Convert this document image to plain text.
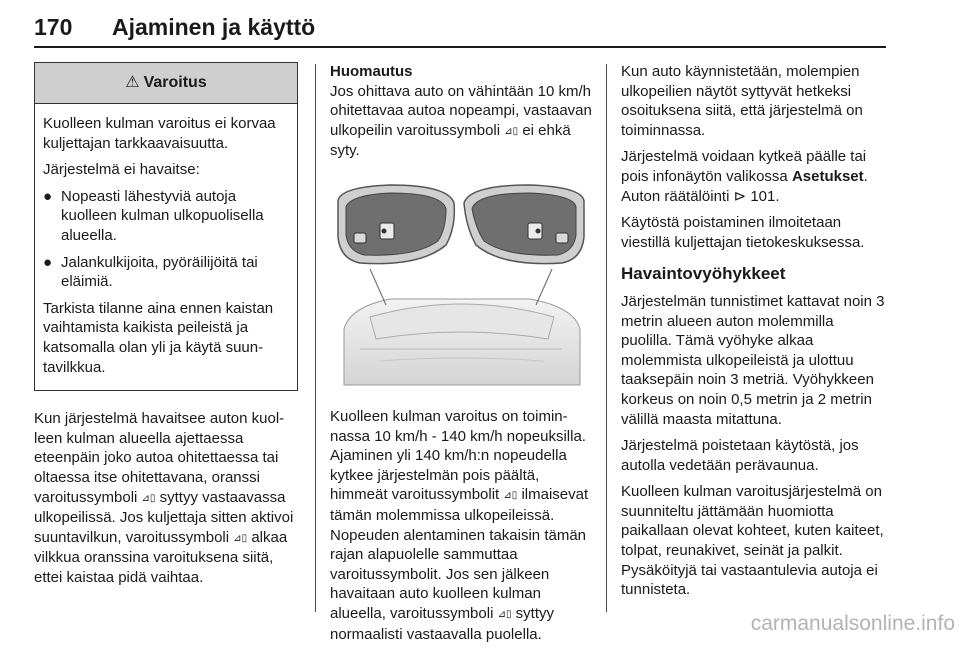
170 Ajaminen ja käyttö
⚠ Varoitus

Kuolleen kulman varoitus ei korvaa kuljettajan tarkkaavaisuutta.

Järjestelmä ei havaitse:

● Nopeasti lähestyviä autoja kuolleen kulman ulkopuolisella alueella.
● Jalankulkijoita, pyöräilijöitä tai eläimiä.

Tarkista tilanne aina ennen kaistan vaihtamista kaikista peileistä ja katsomalla olan yli ja käytä suuntavilkkua.

Kun järjestelmä havaitsee auton kuolleen kulman alueella ajettaessa eteenpäin joko autoa ohitettaessa tai oltaessa itse ohitettavana, oranssi varoitussymboli ⊿▯ syttyy vastaavassa ulkopeilissä. Jos kuljettaja sitten aktivoi suuntavilkun, varoitussymboli ⊿▯ alkaa vilkkua oranssina varoituksena siitä, ettei kaistaa pidä vaihtaa.

Huomautus

Jos ohittava auto on vähintään 10 km/h ohitettavaa autoa nopeampi, vastaavan ulkopeilin varoitussymboli ⊿▯ ei ehkä syty.

Kuolleen kulman varoitus on toiminnassa 10 km/h - 140 km/h nopeuksilla. Ajaminen yli 140 km/h:n nopeudella kytkee järjestelmän pois päältä, himmeät varoitussymbolit ⊿▯ ilmaisevat tämän molemmissa ulkopeileissä. Nopeuden alentaminen takaisin tämän rajan alapuolelle sammuttaa varoitussymbolit. Jos sen jälkeen havaitaan auto kuolleen kulman alueella, varoitussymboli ⊿▯ syttyy normaalisti vastaavalla puolella.

Kun auto käynnistetään, molempien ulkopeilien näytöt syttyvät hetkeksi osoituksena siitä, että järjestelmä on toiminnassa.

Järjestelmä voidaan kytkeä päälle tai pois infonäytön valikossa Asetukset. Auton räätälöinti ⊳ 101.

Käytöstä poistaminen ilmoitetaan viestillä kuljettajan tietokeskuksessa.

Havaintovyöhykkeet

Järjestelmän tunnistimet kattavat noin 3 metrin alueen auton molemmilla puolilla. Tämä vyöhyke alkaa molemmista ulkopeileistä ja ulottuu taaksepäin noin 3 metriä. Vyöhykkeen korkeus on noin 0,5 metrin ja 2 metrin välillä maasta mitattuna.

Järjestelmä poistetaan käytöstä, jos autolla vedetään perävaunua.

Kuolleen kulman varoitusjärjestelmä on suunniteltu jättämään huomiotta paikallaan olevat kohteet, kuten kaiteet, tolpat, reunakivet, seinät ja palkit. Pysäköityjä tai vastaantulevia autoja ei tunnisteta.

carmanualsonline.info
